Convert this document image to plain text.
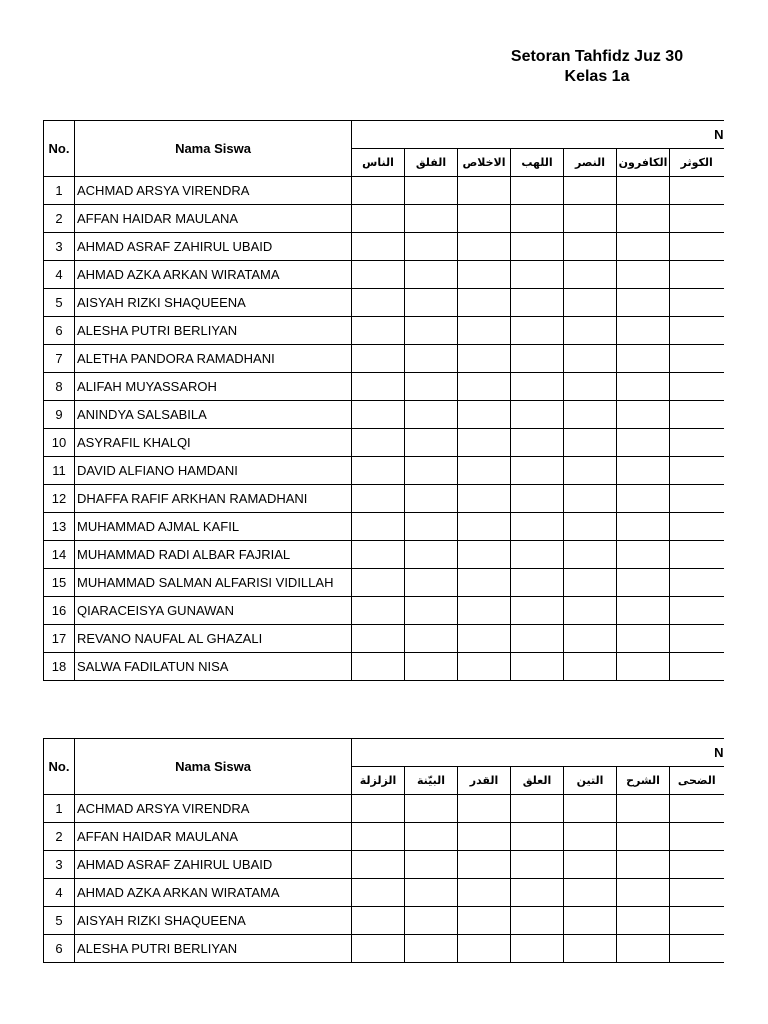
Setoran Tahfidz Juz 30
Kelas 1a
No.	Nama Siswa	N						
		الناس	الفلق	الاخلاص	اللهب	النصر	الكافرون	الكوثر
1	ACHMAD ARSYA VIRENDRA							
2	AFFAN HAIDAR MAULANA							
3	AHMAD ASRAF ZAHIRUL UBAID							
4	AHMAD AZKA ARKAN WIRATAMA							
5	AISYAH RIZKI SHAQUEENA							
6	ALESHA PUTRI BERLIYAN							
7	ALETHA PANDORA RAMADHANI							
8	ALIFAH MUYASSAROH							
9	ANINDYA SALSABILA							
10	ASYRAFIL KHALQI							
11	DAVID ALFIANO HAMDANI							
12	DHAFFA RAFIF ARKHAN RAMADHANI							
13	MUHAMMAD AJMAL KAFIL							
14	MUHAMMAD RADI ALBAR FAJRIAL							
15	MUHAMMAD SALMAN ALFARISI VIDILLAH							
16	QIARACEISYA GUNAWAN							
17	REVANO NAUFAL AL GHAZALI							
18	SALWA FADILATUN NISA							
No.	Nama Siswa	N						
		الزلزلة	البيّنة	القدر	العلق	التين	الشرح	الضحى
1	ACHMAD ARSYA VIRENDRA							
2	AFFAN HAIDAR MAULANA							
3	AHMAD ASRAF ZAHIRUL UBAID							
4	AHMAD AZKA ARKAN WIRATAMA							
5	AISYAH RIZKI SHAQUEENA							
6	ALESHA PUTRI BERLIYAN							
